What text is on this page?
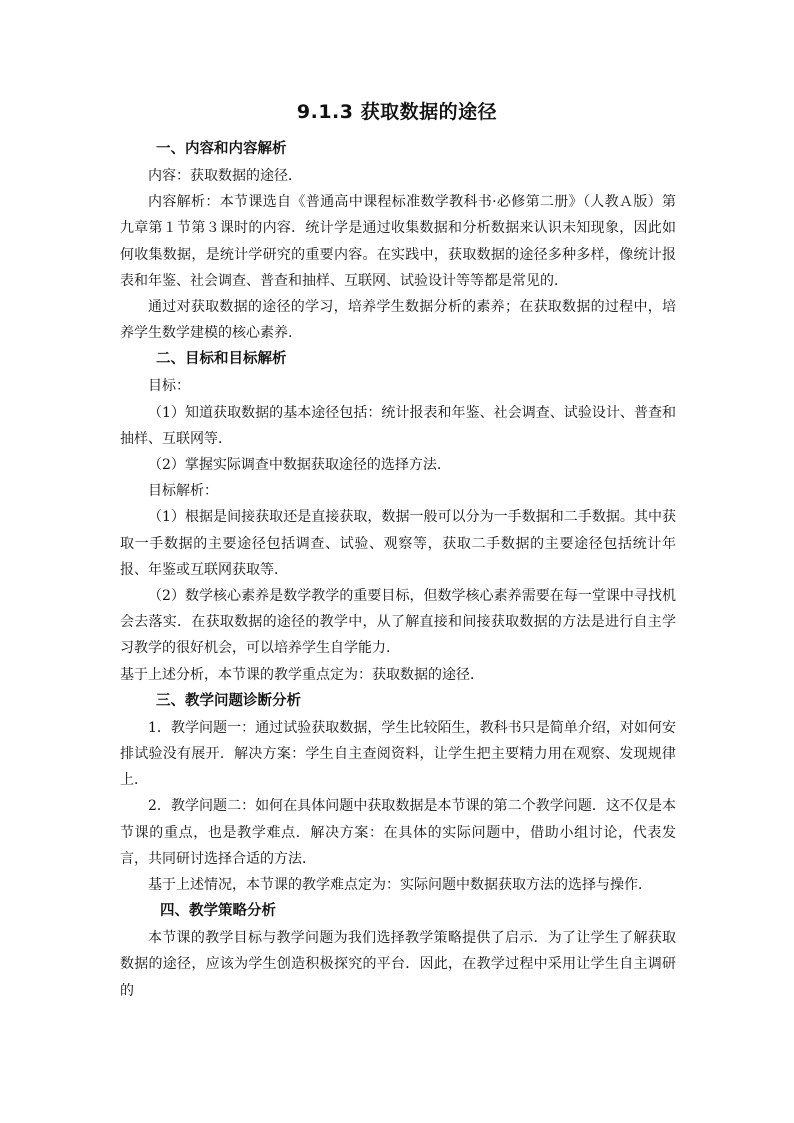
9.1.3 获取数据的途径
一、内容和内容解析

内容：获取数据的途径．

内容解析：本节课选自《普通高中课程标准数学教科书·必修第二册》（人教Ａ版）第九章第１节第３课时的内容．统计学是通过收集数据和分析数据来认识未知现象，因此如何收集数据，是统计学研究的重要内容。在实践中，获取数据的途径多种多样，像统计报表和年鉴、社会调查、普查和抽样、互联网、试验设计等等都是常见的．

通过对获取数据的途径的学习，培养学生数据分析的素养；在获取数据的过程中，培养学生数学建模的核心素养.

二、目标和目标解析

目标：

（1）知道获取数据的基本途径包括：统计报表和年鉴、社会调查、试验设计、普查和抽样、互联网等．

（2）掌握实际调查中数据获取途径的选择方法.

目标解析：

（1）根据是间接获取还是直接获取，数据一般可以分为一手数据和二手数据。其中获取一手数据的主要途径包括调查、试验、观察等，获取二手数据的主要途径包括统计年报、年鉴或互联网获取等．

（2）数学核心素养是数学教学的重要目标，但数学核心素养需要在每一堂课中寻找机会去落实．在获取数据的途径的教学中，从了解直接和间接获取数据的方法是进行自主学习教学的很好机会，可以培养学生自学能力．

基于上述分析，本节课的教学重点定为：获取数据的途径．

三、教学问题诊断分析

1．教学问题一：通过试验获取数据，学生比较陌生，教科书只是简单介绍，对如何安排试验没有展开．解决方案：学生自主查阅资料，让学生把主要精力用在观察、发现规律上．

2．教学问题二：如何在具体问题中获取数据是本节课的第二个教学问题．这不仅是本节课的重点，也是教学难点．解决方案：在具体的实际问题中，借助小组讨论，代表发言，共同研讨选择合适的方法．

基于上述情况，本节课的教学难点定为：实际问题中数据获取方法的选择与操作．

四、教学策略分析

本节课的教学目标与教学问题为我们选择教学策略提供了启示．为了让学生了解获取数据的途径，应该为学生创造积极探究的平台．因此，在教学过程中采用让学生自主调研的
